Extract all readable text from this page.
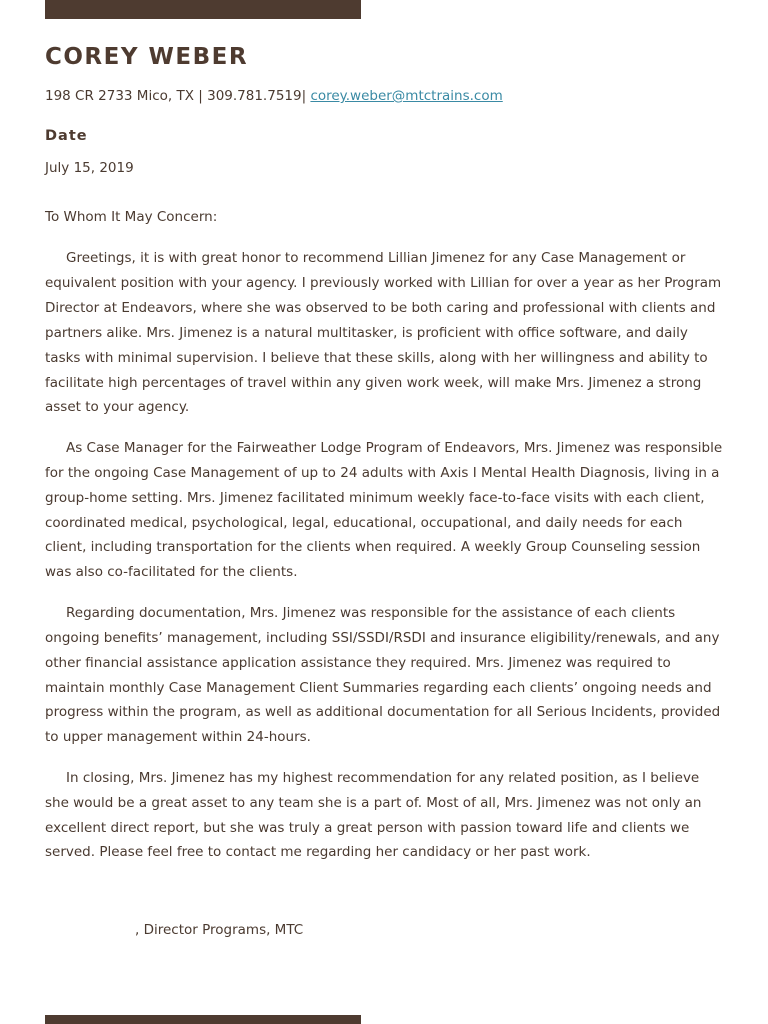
COREY WEBER
198 CR 2733 Mico, TX | 309.781.7519| corey.weber@mtctrains.com
Date
July 15, 2019
To Whom It May Concern:

Greetings, it is with great honor to recommend Lillian Jimenez for any Case Management or equivalent position with your agency. I previously worked with Lillian for over a year as her Program Director at Endeavors, where she was observed to be both caring and professional with clients and partners alike. Mrs. Jimenez is a natural multitasker, is proficient with office software, and daily tasks with minimal supervision. I believe that these skills, along with her willingness and ability to facilitate high percentages of travel within any given work week, will make Mrs. Jimenez a strong asset to your agency.

As Case Manager for the Fairweather Lodge Program of Endeavors, Mrs. Jimenez was responsible for the ongoing Case Management of up to 24 adults with Axis I Mental Health Diagnosis, living in a group-home setting. Mrs. Jimenez facilitated minimum weekly face-to-face visits with each client, coordinated medical, psychological, legal, educational, occupational, and daily needs for each client, including transportation for the clients when required. A weekly Group Counseling session was also co-facilitated for the clients.

Regarding documentation, Mrs. Jimenez was responsible for the assistance of each clients ongoing benefits’ management, including SSI/SSDI/RSDI and insurance eligibility/renewals, and any other financial assistance application assistance they required. Mrs. Jimenez was required to maintain monthly Case Management Client Summaries regarding each clients’ ongoing needs and progress within the program, as well as additional documentation for all Serious Incidents, provided to upper management within 24-hours.

In closing, Mrs. Jimenez has my highest recommendation for any related position, as I believe she would be a great asset to any team she is a part of. Most of all, Mrs. Jimenez was not only an excellent direct report, but she was truly a great person with passion toward life and clients we served. Please feel free to contact me regarding her candidacy or her past work.

, Director Programs, MTC
